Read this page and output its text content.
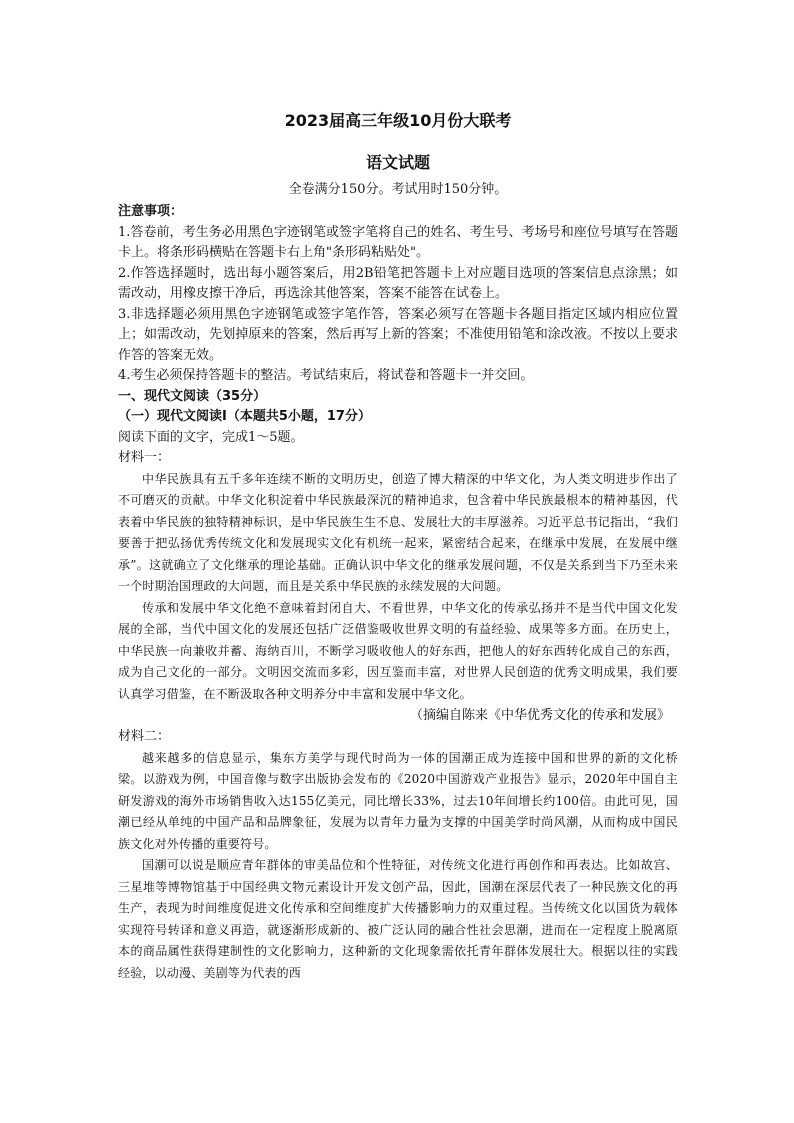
2023届高三年级10月份大联考
语文试题
全卷满分150分。考试用时150分钟。
注意事项：
1.答卷前，考生务必用黑色字迹钢笔或签字笔将自己的姓名、考生号、考场号和座位号填写在答题卡上。将条形码横贴在答题卡右上角"条形码粘贴处"。
2.作答选择题时，选出每小题答案后，用2B铅笔把答题卡上对应题目选项的答案信息点涂黑；如需改动，用橡皮擦干净后，再选涂其他答案，答案不能答在试卷上。
3.非选择题必须用黑色字迹钢笔或签字笔作答，答案必须写在答题卡各题目指定区域内相应位置上；如需改动，先划掉原来的答案，然后再写上新的答案；不准使用铅笔和涂改液。不按以上要求作答的答案无效。
4.考生必须保持答题卡的整洁。考试结束后，将试卷和答题卡一并交回。
一、现代文阅读（35分）
（一）现代文阅读Ⅰ（本题共5小题，17分）
阅读下面的文字，完成1～5题。
材料一：

中华民族具有五千多年连续不断的文明历史，创造了博大精深的中华文化，为人类文明进步作出了不可磨灭的贡献。中华文化积淀着中华民族最深沉的精神追求，包含着中华民族最根本的精神基因，代表着中华民族的独特精神标识，是中华民族生生不息、发展壮大的丰厚滋养。习近平总书记指出，“我们要善于把弘扬优秀传统文化和发展现实文化有机统一起来，紧密结合起来，在继承中发展，在发展中继承”。这就确立了文化继承的理论基础。正确认识中华文化的继承发展问题，不仅是关系到当下乃至未来一个时期治国理政的大问题，而且是关系中华民族的永续发展的大问题。

传承和发展中华文化绝不意味着封闭自大、不看世界，中华文化的传承弘扬并不是当代中国文化发展的全部，当代中国文化的发展还包括广泛借鉴吸收世界文明的有益经验、成果等多方面。在历史上，中华民族一向兼收并蓄、海纳百川，不断学习吸收他人的好东西，把他人的好东西转化成自己的东西，成为自己文化的一部分。文明因交流而多彩，因互鉴而丰富，对世界人民创造的优秀文明成果，我们要认真学习借鉴，在不断汲取各种文明养分中丰富和发展中华文化。

（摘编自陈来《中华优秀文化的传承和发展》
材料二：

越来越多的信息显示，集东方美学与现代时尚为一体的国潮正成为连接中国和世界的新的文化桥梁。以游戏为例，中国音像与数字出版协会发布的《2020中国游戏产业报告》显示，2020年中国自主研发游戏的海外市场销售收入达155亿美元，同比增长33%，过去10年间增长约100倍。由此可见，国潮已经从单纯的中国产品和品牌象征，发展为以青年力量为支撑的中国美学时尚风潮，从而构成中国民族文化对外传播的重要符号。

国潮可以说是顺应青年群体的审美品位和个性特征，对传统文化进行再创作和再表达。比如故宫、三星堆等博物馆基于中国经典文物元素设计开发文创产品，因此，国潮在深层代表了一种民族文化的再生产，表现为时间维度促进文化传承和空间维度扩大传播影响力的双重过程。当传统文化以国货为载体实现符号转译和意义再造，就逐渐形成新的、被广泛认同的融合性社会思潮，进而在一定程度上脱离原本的商品属性获得建制性的文化影响力，这种新的文化现象需依托青年群体发展壮大。根据以往的实践经验，以动漫、美剧等为代表的西
